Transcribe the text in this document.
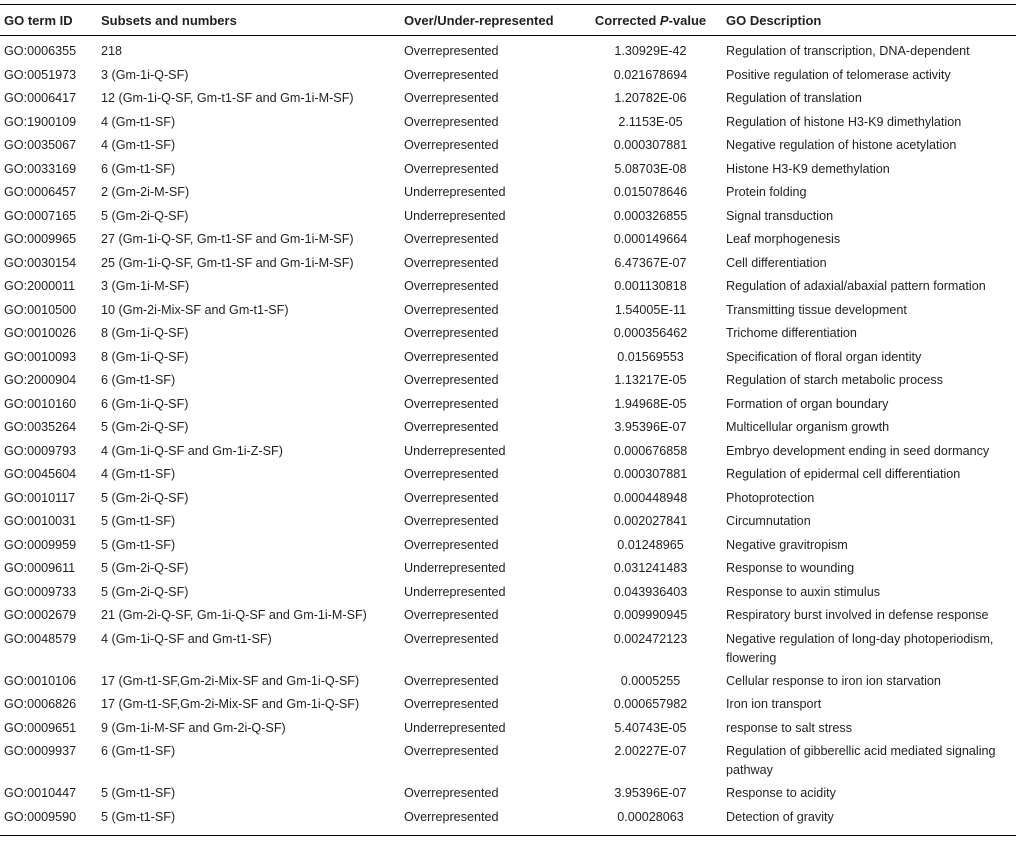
GO term ID	Subsets and numbers	Over/Under-represented	Corrected P-value	GO Description
GO:0006355	218	Overrepresented	1.30929E-42	Regulation of transcription, DNA-dependent
GO:0051973	3 (Gm-1i-Q-SF)	Overrepresented	0.021678694	Positive regulation of telomerase activity
GO:0006417	12 (Gm-1i-Q-SF, Gm-t1-SF and Gm-1i-M-SF)	Overrepresented	1.20782E-06	Regulation of translation
GO:1900109	4 (Gm-t1-SF)	Overrepresented	2.1153E-05	Regulation of histone H3-K9 dimethylation
GO:0035067	4 (Gm-t1-SF)	Overrepresented	0.000307881	Negative regulation of histone acetylation
GO:0033169	6 (Gm-t1-SF)	Overrepresented	5.08703E-08	Histone H3-K9 demethylation
GO:0006457	2 (Gm-2i-M-SF)	Underrepresented	0.015078646	Protein folding
GO:0007165	5 (Gm-2i-Q-SF)	Underrepresented	0.000326855	Signal transduction
GO:0009965	27 (Gm-1i-Q-SF, Gm-t1-SF and Gm-1i-M-SF)	Overrepresented	0.000149664	Leaf morphogenesis
GO:0030154	25 (Gm-1i-Q-SF, Gm-t1-SF and Gm-1i-M-SF)	Overrepresented	6.47367E-07	Cell differentiation
GO:2000011	3 (Gm-1i-M-SF)	Overrepresented	0.001130818	Regulation of adaxial/abaxial pattern formation
GO:0010500	10 (Gm-2i-Mix-SF and Gm-t1-SF)	Overrepresented	1.54005E-11	Transmitting tissue development
GO:0010026	8 (Gm-1i-Q-SF)	Overrepresented	0.000356462	Trichome differentiation
GO:0010093	8 (Gm-1i-Q-SF)	Overrepresented	0.01569553	Specification of floral organ identity
GO:2000904	6 (Gm-t1-SF)	Overrepresented	1.13217E-05	Regulation of starch metabolic process
GO:0010160	6 (Gm-1i-Q-SF)	Overrepresented	1.94968E-05	Formation of organ boundary
GO:0035264	5 (Gm-2i-Q-SF)	Overrepresented	3.95396E-07	Multicellular organism growth
GO:0009793	4 (Gm-1i-Q-SF and Gm-1i-Z-SF)	Underrepresented	0.000676858	Embryo development ending in seed dormancy
GO:0045604	4 (Gm-t1-SF)	Overrepresented	0.000307881	Regulation of epidermal cell differentiation
GO:0010117	5 (Gm-2i-Q-SF)	Overrepresented	0.000448948	Photoprotection
GO:0010031	5 (Gm-t1-SF)	Overrepresented	0.002027841	Circumnutation
GO:0009959	5 (Gm-t1-SF)	Overrepresented	0.01248965	Negative gravitropism
GO:0009611	5 (Gm-2i-Q-SF)	Underrepresented	0.031241483	Response to wounding
GO:0009733	5 (Gm-2i-Q-SF)	Underrepresented	0.043936403	Response to auxin stimulus
GO:0002679	21 (Gm-2i-Q-SF, Gm-1i-Q-SF and Gm-1i-M-SF)	Overrepresented	0.009990945	Respiratory burst involved in defense response
GO:0048579	4 (Gm-1i-Q-SF and Gm-t1-SF)	Overrepresented	0.002472123	Negative regulation of long-day photoperiodism, flowering
GO:0010106	17 (Gm-t1-SF,Gm-2i-Mix-SF and Gm-1i-Q-SF)	Overrepresented	0.0005255	Cellular response to iron ion starvation
GO:0006826	17 (Gm-t1-SF,Gm-2i-Mix-SF and Gm-1i-Q-SF)	Overrepresented	0.000657982	Iron ion transport
GO:0009651	9 (Gm-1i-M-SF and Gm-2i-Q-SF)	Underrepresented	5.40743E-05	response to salt stress
GO:0009937	6 (Gm-t1-SF)	Overrepresented	2.00227E-07	Regulation of gibberellic acid mediated signaling pathway
GO:0010447	5 (Gm-t1-SF)	Overrepresented	3.95396E-07	Response to acidity
GO:0009590	5 (Gm-t1-SF)	Overrepresented	0.00028063	Detection of gravity
